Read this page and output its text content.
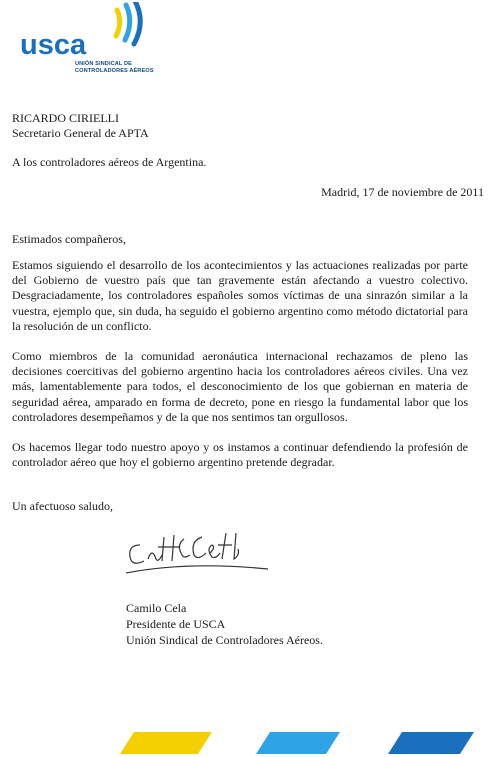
usca
UNIÓN SINDICAL DE
CONTROLADORES AÉREOS
RICARDO CIRIELLI
Secretario General de APTA
A los controladores aéreos de Argentina.
Madrid, 17 de noviembre de 2011
Estimados compañeros,

Estamos siguiendo el desarrollo de los acontecimientos y las actuaciones realizadas por parte del Gobierno de vuestro país que tan gravemente están afectando a vuestro colectivo. Desgraciadamente, los controladores españoles somos víctimas de una sinrazón similar a la vuestra, ejemplo que, sin duda, ha seguido el gobierno argentino como método dictatorial para la resolución de un conflicto.

Como miembros de la comunidad aeronáutica internacional rechazamos de pleno las decisiones coercitivas del gobierno argentino hacia los controladores aéreos civiles. Una vez más, lamentablemente para todos, el desconocimiento de los que gobiernan en materia de seguridad aérea, amparado en forma de decreto, pone en riesgo la fundamental labor que los controladores desempeñamos y de la que nos sentimos tan orgullosos.

Os hacemos llegar todo nuestro apoyo y os instamos a continuar defendiendo la profesión de controlador aéreo que hoy el gobierno argentino pretende degradar.

Un afectuoso saludo,
Camilo Cela
Presidente de USCA
Unión Sindical de Controladores Aéreos.
